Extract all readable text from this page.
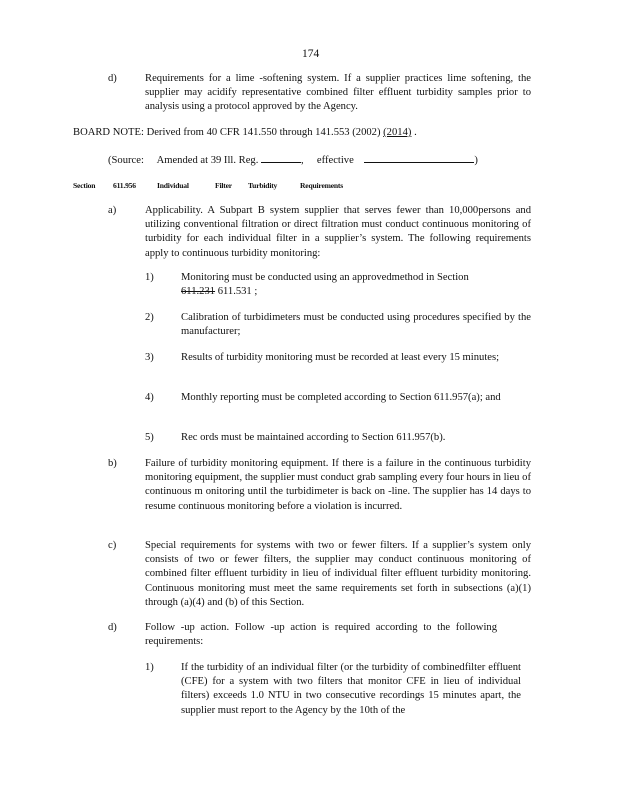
174
d)	Requirements for a lime -softening system. If a supplier practices lime softening, the supplier may acidify representative combined filter effluent turbidity samples prior to analysis using a protocol approved by the Agency.
BOARD NOTE: Derived from 40 CFR 141.550 through 141.553 (2002) (2014) .
(Source: Amended at 39 Ill. Reg.	, effective	)
Section 611.956	Individual	Filter Turbidity	Requirements
a)	Applicability. A Subpart B system supplier that serves fewer than 10,000persons and utilizing conventional filtration or direct filtration must conduct continuous monitoring of turbidity for each individual filter in a supplier’s system. The following requirements apply to continuous turbidity monitoring:
1)	Monitoring must be conducted using an approvedmethod in Section
611.231 611.531 ;
2)	Calibration of turbidimeters must be conducted using procedures specified by the manufacturer;
3)	Results of turbidity monitoring must be recorded at least every 15 minutes;
4)	Monthly reporting must be completed according to Section 611.957(a); and
5)	Rec ords must be maintained according to Section 611.957(b).
b)	Failure of turbidity monitoring equipment. If there is a failure in the continuous turbidity monitoring equipment, the supplier must conduct grab sampling every four hours in lieu of continuous m onitoring until the turbidimeter is back on -line. The supplier has 14 days to resume continuous monitoring before a violation is incurred.
c)	Special requirements for systems with two or fewer filters. If a supplier’s system only consists of two or fewer filters, the supplier may conduct continuous monitoring of combined filter effluent turbidity in lieu of individual filter effluent turbidity monitoring. Continuous monitoring must meet the same requirements set forth in subsections (a)(1) through (a)(4) and (b) of this Section.
d)	Follow -up action. Follow -up action is required according to the following requirements:
1)	If the turbidity of an individual filter (or the turbidity of combinedfilter effluent (CFE) for a system with two filters that monitor CFE in lieu of individual filters) exceeds 1.0 NTU in two consecutive recordings 15 minutes apart, the supplier must report to the Agency by the 10th of the
